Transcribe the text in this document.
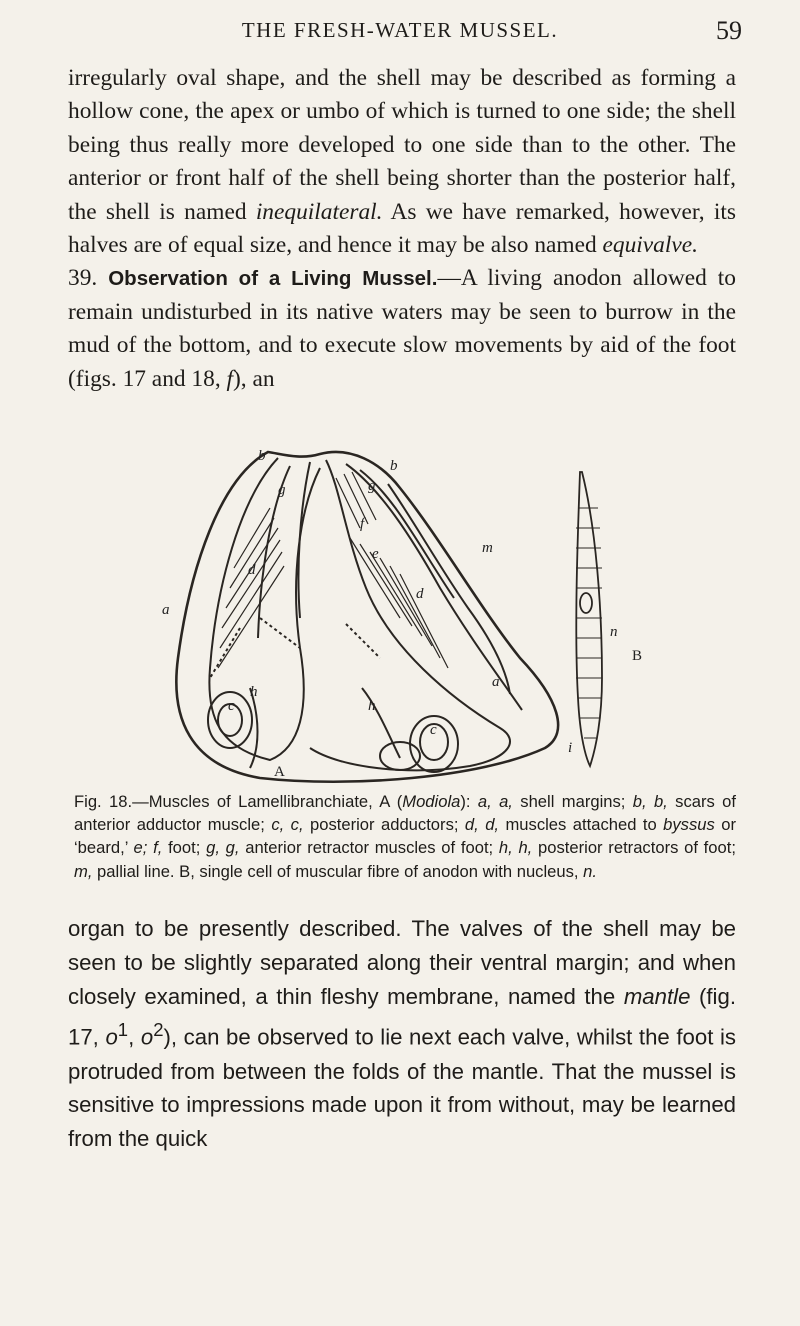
THE FRESH-WATER MUSSEL.	59

irregularly oval shape, and the shell may be described as forming a hollow cone, the apex or umbo of which is turned to one side; the shell being thus really more developed to one side than to the other. The anterior or front half of the shell being shorter than the posterior half, the shell is named inequilateral. As we have remarked, however, its halves are of equal size, and hence it may be also named equivalve.
39. Observation of a Living Mussel.—A living anodon allowed to remain undisturbed in its native waters may be seen to burrow in the mud of the bottom, and to execute slow movements by aid of the foot (figs. 17 and 18, f), an

b
b
g	g
f
e	m
d
d
a
a
c
c
h
h
A
n
i
B

Fig. 18.—Muscles of Lamellibranchiate, A (Modiola): a, a, shell margins; b, b, scars of anterior adductor muscle; c, c, posterior adductors; d, d, muscles attached to byssus or ‘beard,’ e; f, foot; g, g, anterior retractor muscles of foot; h, h, posterior retractors of foot; m, pallial line. B, single cell of muscular fibre of anodon with nucleus, n.

organ to be presently described. The valves of the shell may be seen to be slightly separated along their ventral margin; and when closely examined, a thin fleshy membrane, named the mantle (fig. 17, $o^1$, $o^2$), can be observed to lie next each valve, whilst the foot is protruded from between the folds of the mantle. That the mussel is sensitive to impressions made upon it from without, may be learned from the quick
